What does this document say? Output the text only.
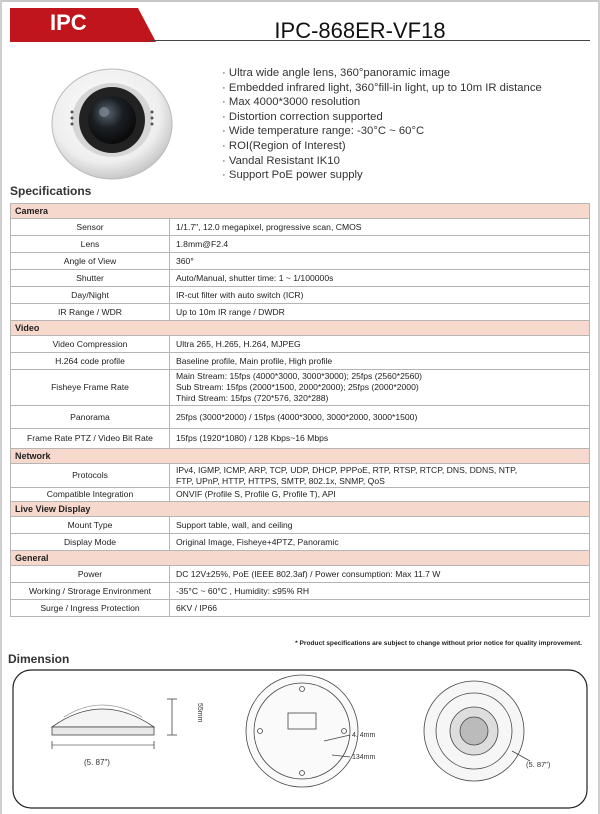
IPC	IPC-868ER-VF18
· Ultra wide angle lens, 360°panoramic image
· Embedded infrared light, 360°fill-in light, up to 10m IR distance
· Max 4000*3000 resolution
· Distortion correction supported
· Wide temperature range: -30°C ~ 60°C
· ROI(Region of Interest)
· Vandal Resistant IK10
· Support PoE power supply
Specifications
Camera	
Sensor	1/1.7", 12.0 megapixel, progressive scan, CMOS
Lens	1.8mm@F2.4
Angle of View	360°
Shutter	Auto/Manual, shutter time: 1 ~ 1/100000s
Day/Night	IR-cut filter with auto switch (ICR)
IR Range / WDR	Up to 10m IR range / DWDR
Video	
Video Compression	Ultra 265, H.265, H.264, MJPEG
H.264 code profile	Baseline profile, Main profile, High profile
Fisheye Frame Rate	Main Stream: 15fps (4000*3000, 3000*3000); 25fps (2560*2560)
Sub Stream: 15fps (2000*1500, 2000*2000); 25fps (2000*2000)
Third Stream: 15fps (720*576, 320*288)

Panorama	25fps (3000*2000) / 15fps (4000*3000, 3000*2000, 3000*1500)
Frame Rate PTZ / Video Bit Rate	15fps (1920*1080) / 128 Kbps~16 Mbps
Network	
Protocols	IPv4, IGMP, ICMP, ARP, TCP, UDP, DHCP, PPPoE, RTP, RTSP, RTCP, DNS, DDNS, NTP,
FTP, UPnP, HTTP, HTTPS, SMTP, 802.1x, SNMP, QoS

Compatible Integration	ONVIF (Profile S, Profile G, Profile T), API
Live View Display	
Mount Type	Support table, wall, and ceiling
Display Mode	Original Image, Fisheye+4PTZ, Panoramic
General	
Power	DC 12V±25%, PoE (IEEE 802.3af) / Power consumption: Max 11.7 W
Working / Strorage Environment	-35°C ~ 60°C , Humidity: ≤95% RH
Surge / Ingress Protection	6KV / IP66
* Product specifications are subject to change without prior notice for quality improvement.
Dimension
(5. 87")
55mm
4. 4mm
134mm
(5. 87")
